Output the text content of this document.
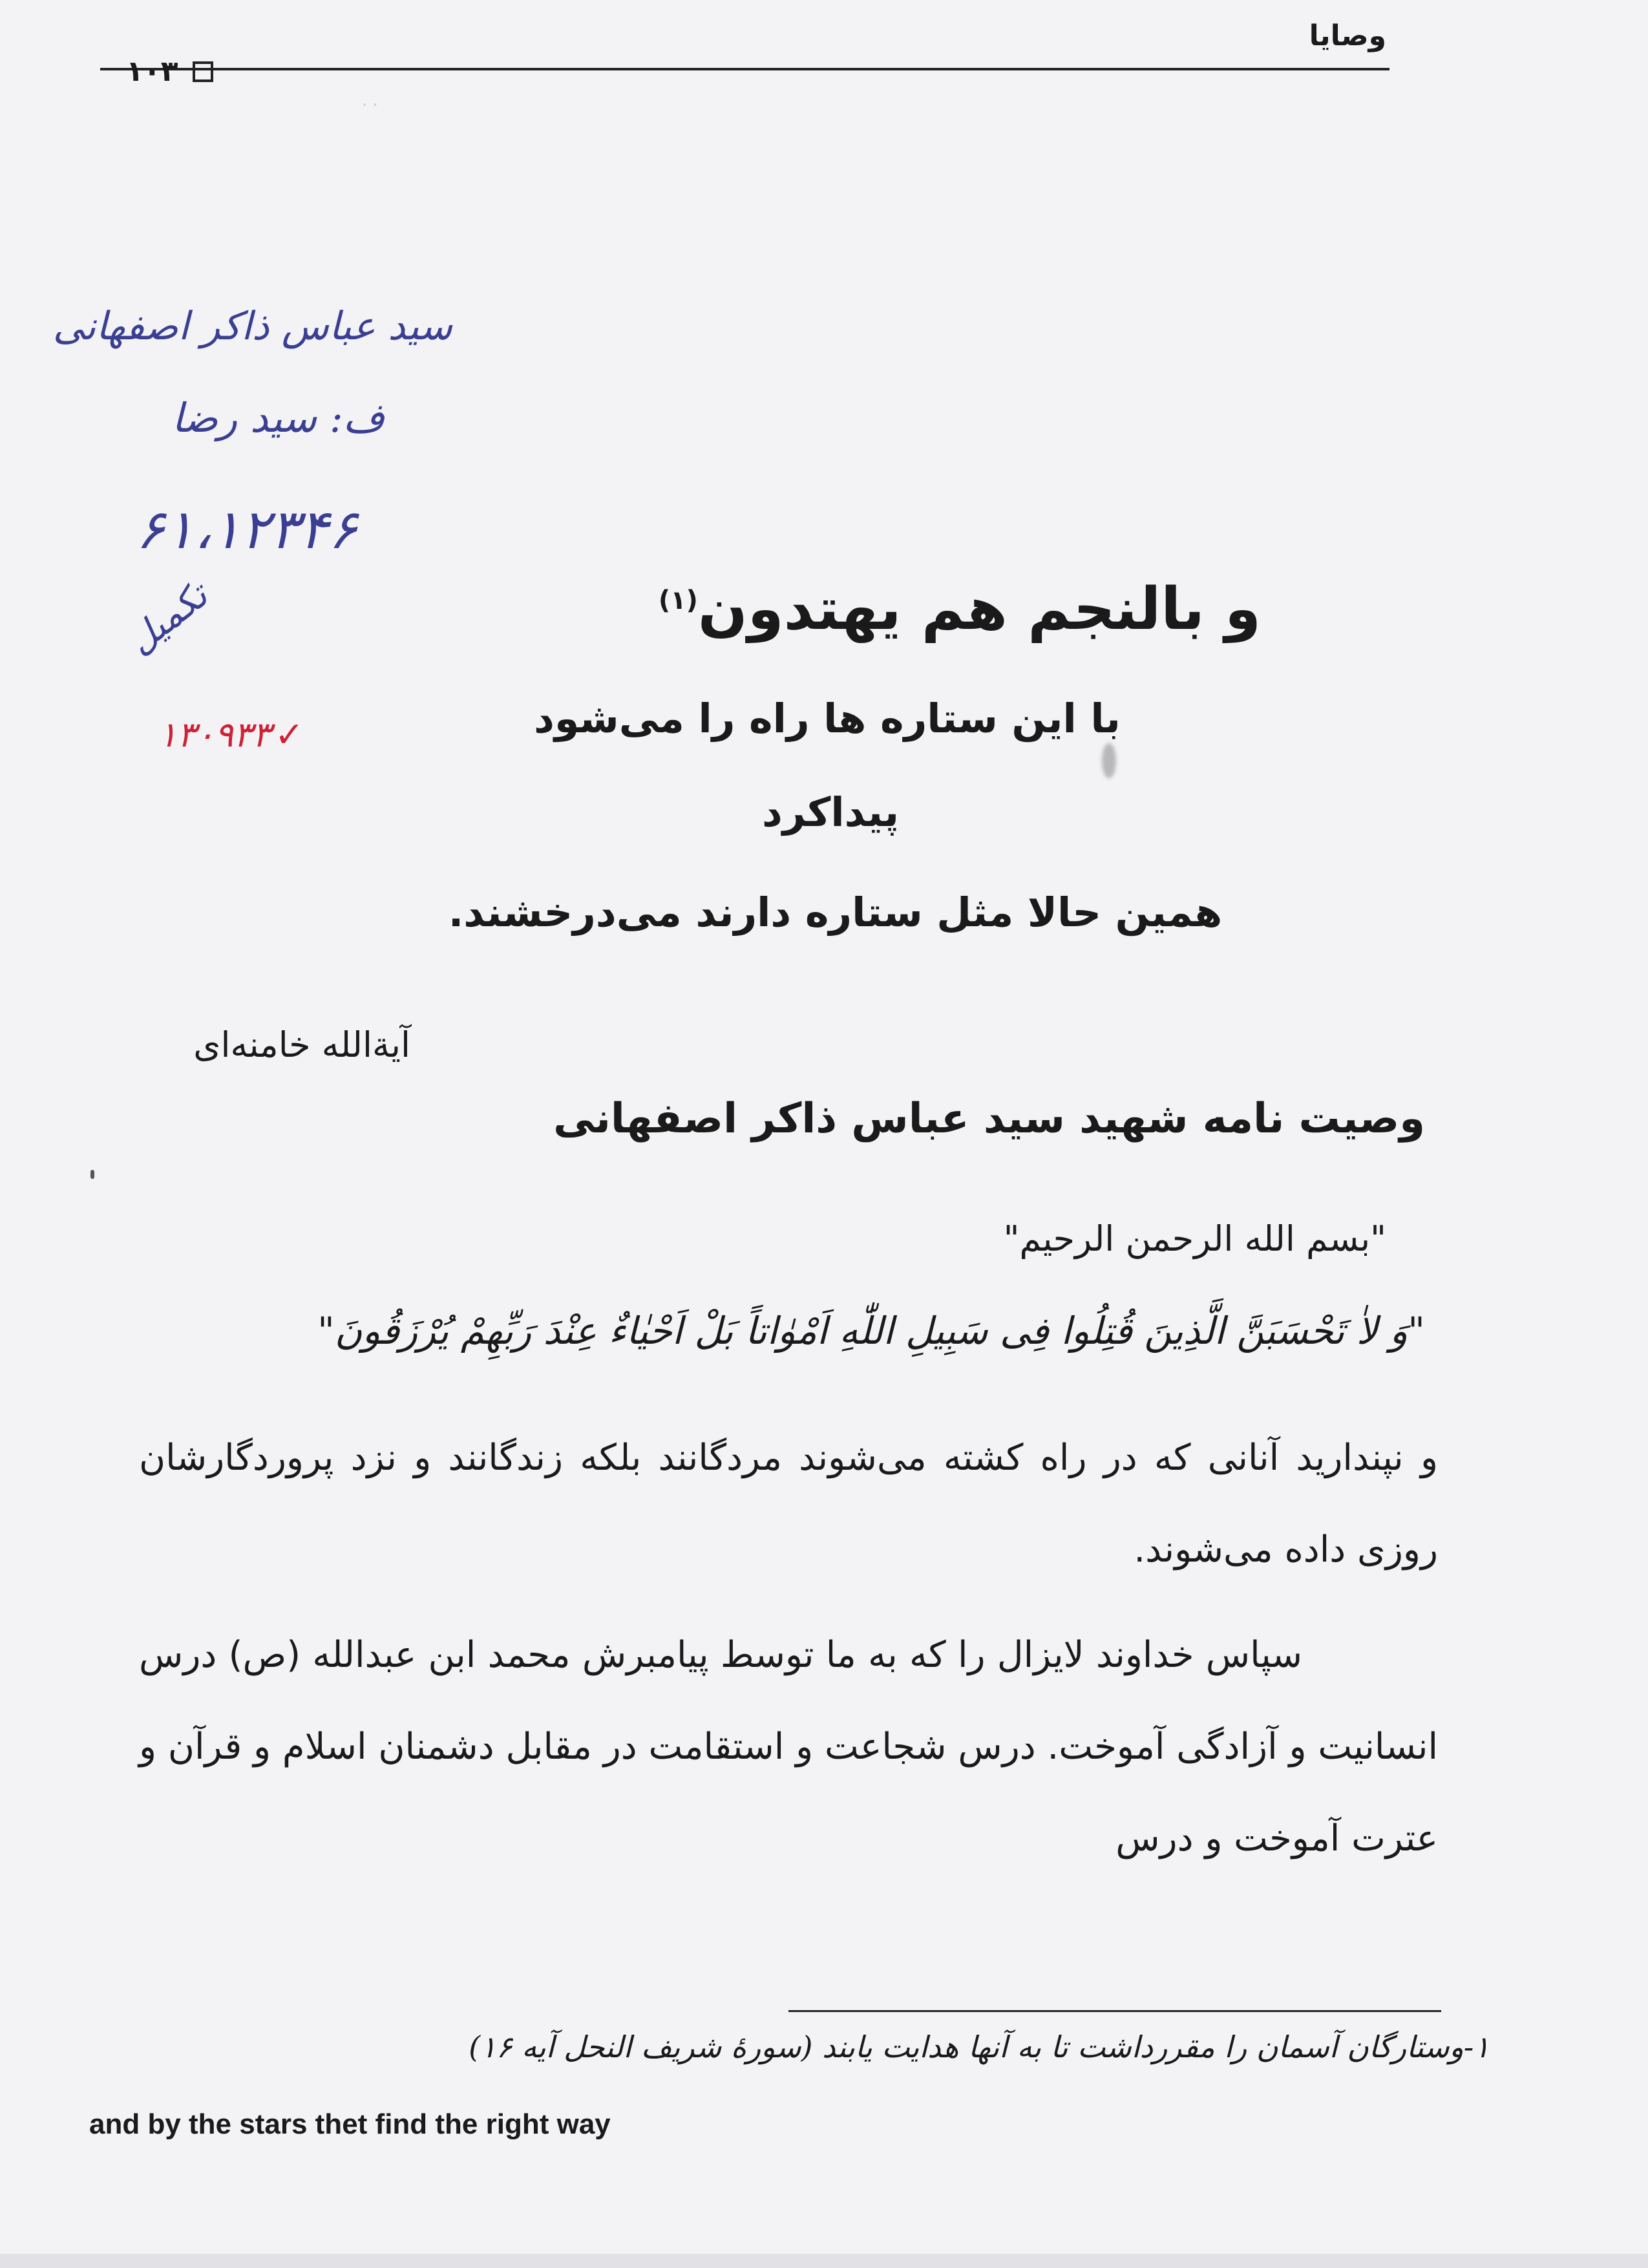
وصایا
۱۰۳
· ·
سید عباس ذاکر اصفهانی
ف: سید رضا
۶۱،۱۲۳۴۶
تکمیل
۱۳۰۹۳۳ ✓
و بالنجم هم یهتدون$^{(۱)}$
با این ستاره ها راه را می‌شود
پیداکرد
همین حالا مثل ستاره دارند می‌درخشند.
آیةالله خامنه‌ای
وصیت نامه شهید سید عباس ذاکر اصفهانی
"بسم الله الرحمن الرحیم"
"وَ لاٰ تَحْسَبَنَّ الَّذِینَ قُتِلُوا فِی سَبِیلِ اللّٰهِ اَمْوٰاتاً بَلْ اَحْیٰاءٌ عِنْدَ رَبِّهِمْ یُرْزَقُونَ"
و نپندارید آنانی که در راه کشته می‌شوند مردگانند بلکه زندگانند و نزد پروردگارشان روزی داده می‌شوند.
سپاس خداوند لایزال را که به ما توسط پیامبرش محمد ابن عبدالله (ص) درس انسانیت و آزادگی آموخت. درس شجاعت و استقامت در مقابل دشمنان اسلام و قرآن و عترت آموخت و درس
۱-وستارگان آسمان را مقررداشت تا به آنها هدایت یابند (سورهٔ شریف النحل آیه ۱۶)
and by the stars thet find the right way
